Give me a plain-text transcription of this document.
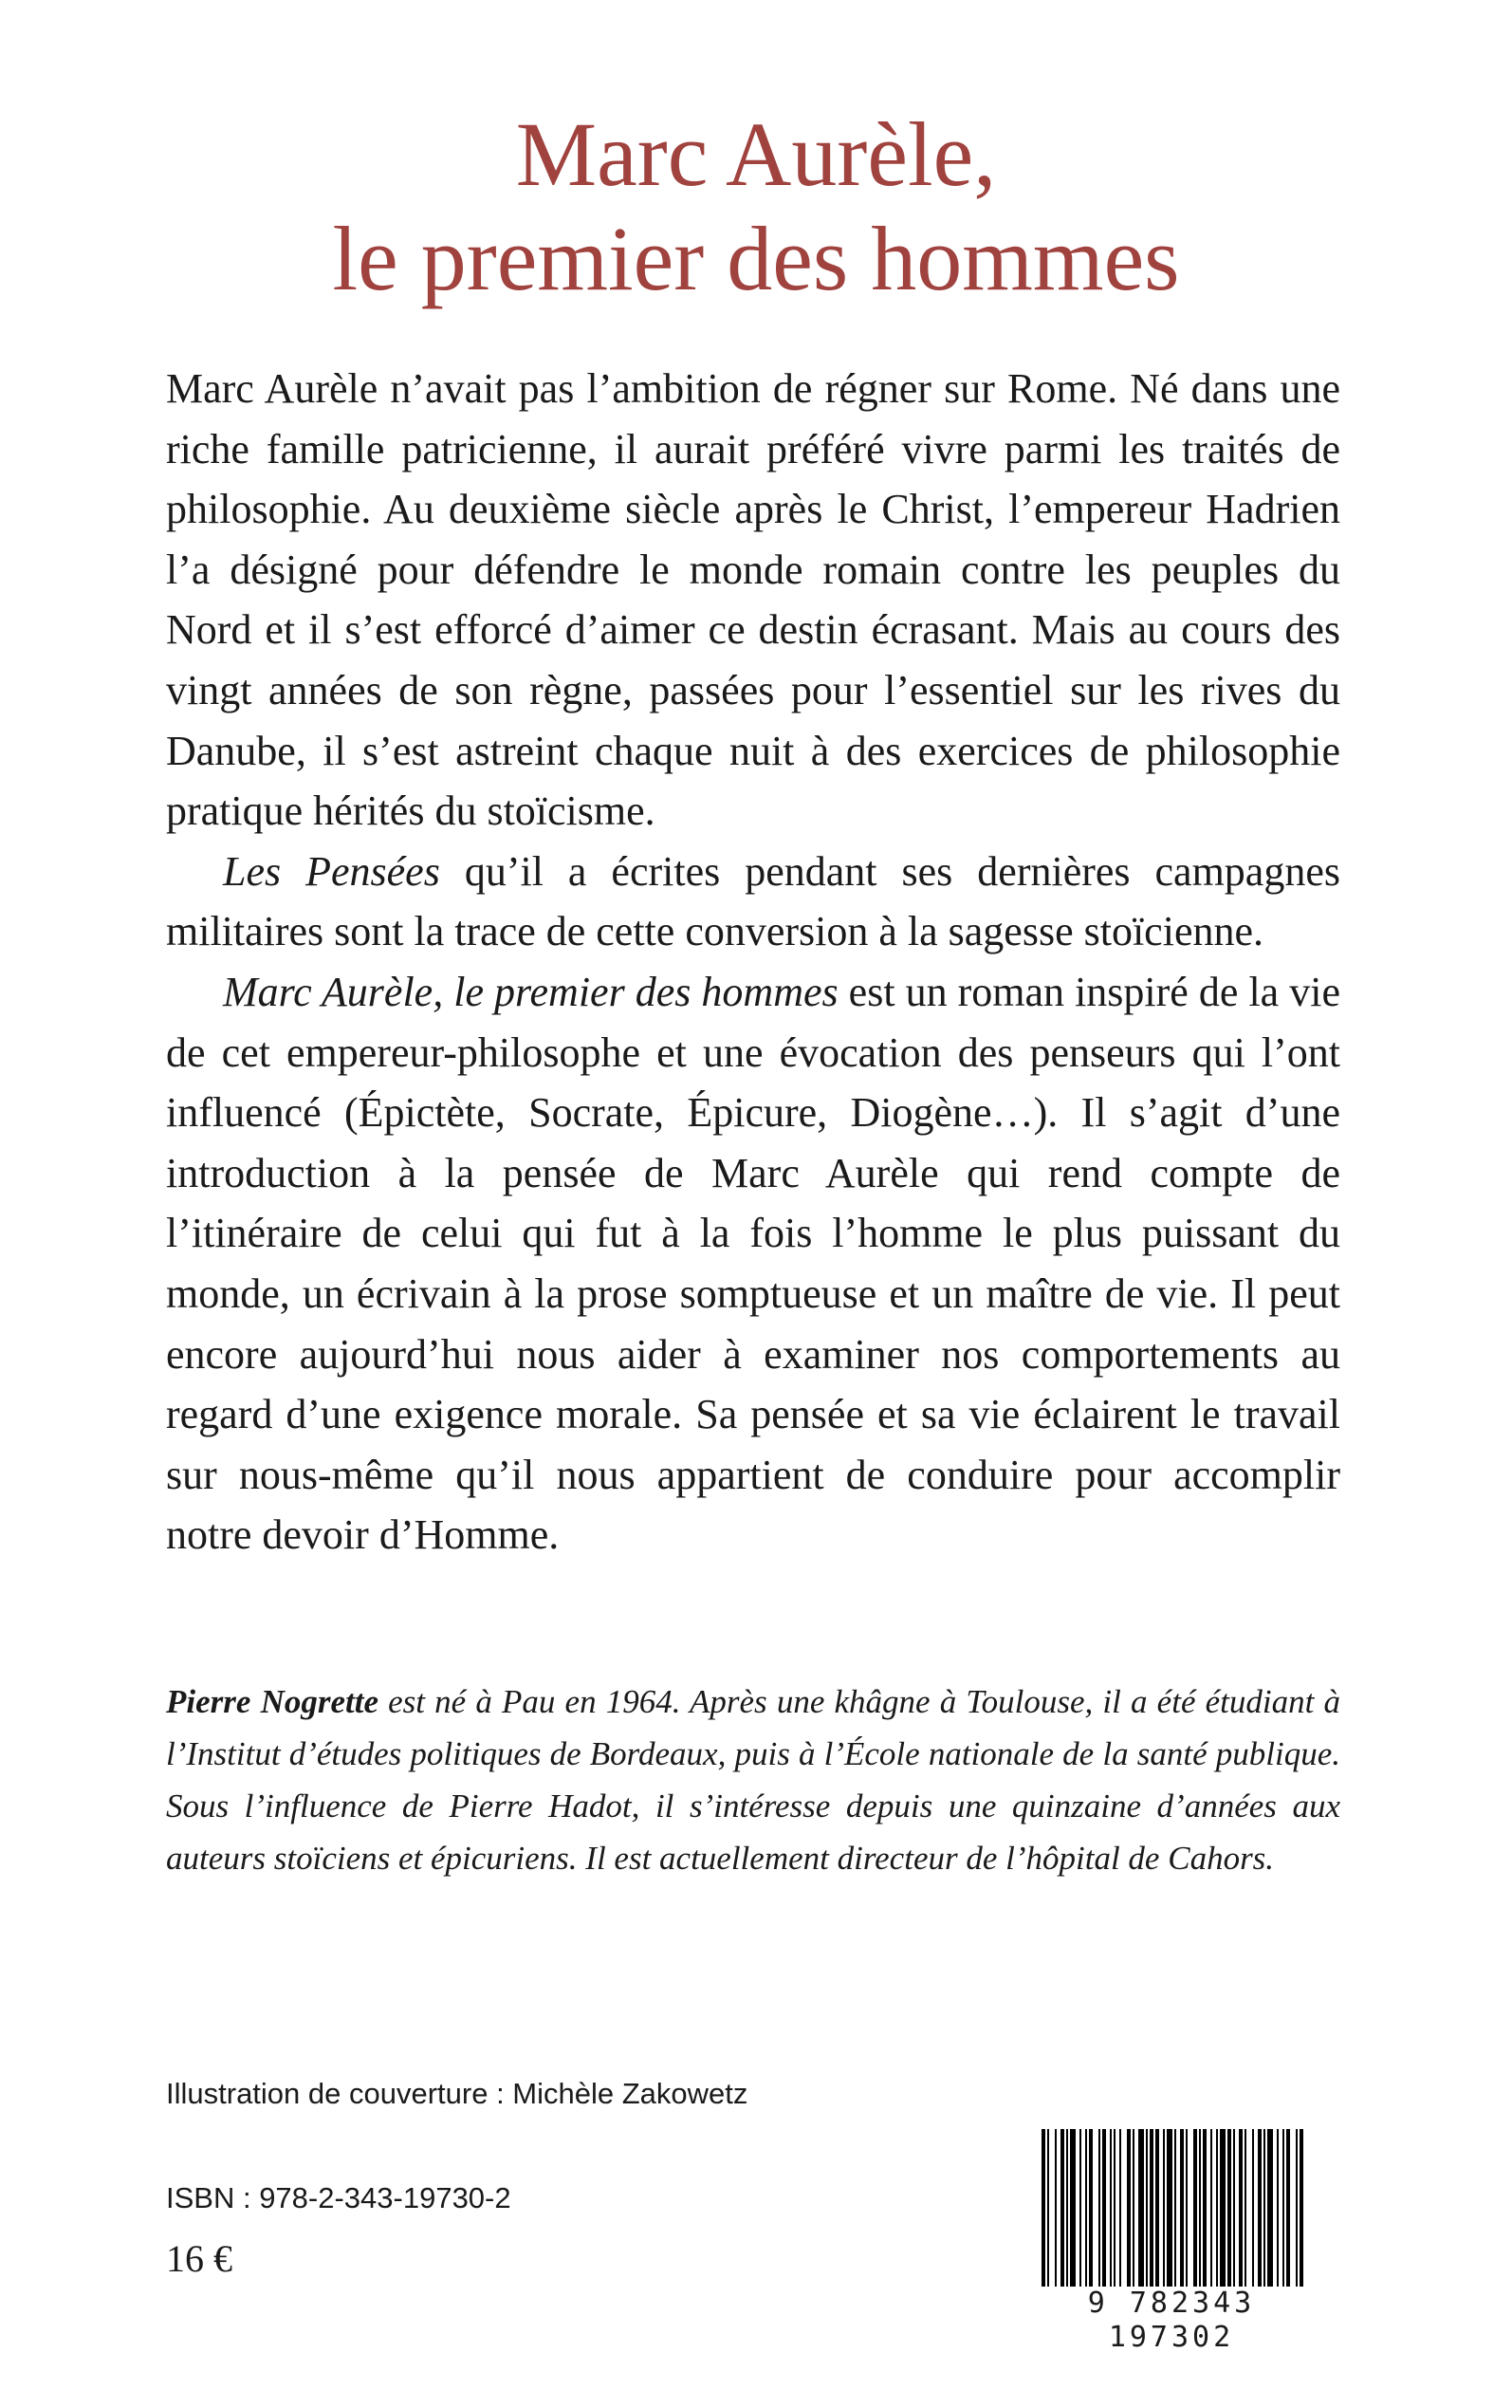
Marc Aurèle,
le premier des hommes

Marc Aurèle n’avait pas l’ambition de régner sur Rome. Né dans une riche famille patricienne, il aurait préféré vivre parmi les traités de philosophie. Au deuxième siècle après le Christ, l’empereur Hadrien l’a désigné pour défendre le monde romain contre les peuples du Nord et il s’est efforcé d’aimer ce destin écrasant. Mais au cours des vingt années de son règne, passées pour l’essentiel sur les rives du Danube, il s’est astreint chaque nuit à des exercices de philosophie pratique hérités du stoïcisme.

Les Pensées qu’il a écrites pendant ses dernières campagnes militaires sont la trace de cette conversion à la sagesse stoïcienne.

Marc Aurèle, le premier des hommes est un roman inspiré de la vie de cet empereur-philosophe et une évocation des penseurs qui l’ont influencé (Épictète, Socrate, Épicure, Diogène…). Il s’agit d’une introduction à la pensée de Marc Aurèle qui rend compte de l’itinéraire de celui qui fut à la fois l’homme le plus puissant du monde, un écrivain à la prose somptueuse et un maître de vie. Il peut encore aujourd’hui nous aider à examiner nos comportements au regard d’une exigence morale. Sa pensée et sa vie éclairent le travail sur nous-même qu’il nous appartient de conduire pour accomplir notre devoir d’Homme.

Pierre Nogrette est né à Pau en 1964. Après une khâgne à Toulouse, il a été étudiant à l’Institut d’études politiques de Bordeaux, puis à l’École nationale de la santé publique. Sous l’influence de Pierre Hadot, il s’intéresse depuis une quinzaine d’années aux auteurs stoïciens et épicuriens. Il est actuellement directeur de l’hôpital de Cahors.

Illustration de couverture : Michèle Zakowetz
ISBN : 978-2-343-19730-2
16 €
9 782343 197302
